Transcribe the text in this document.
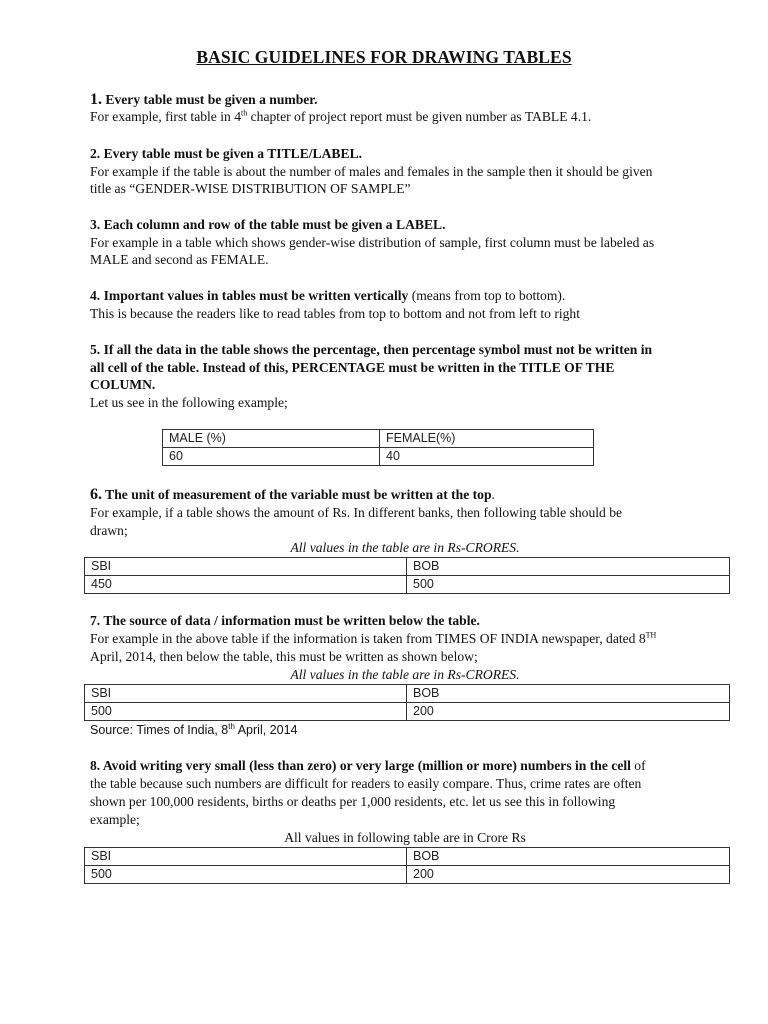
BASIC GUIDELINES FOR DRAWING TABLES
1. Every table must be given a number.
For example, first table in 4th chapter of project report must be given number as TABLE 4.1.
2. Every table must be given a TITLE/LABEL.
For example if the table is about the number of males and females in the sample then it should be given
title as “GENDER-WISE DISTRIBUTION OF SAMPLE”
3. Each column and row of the table must be given a LABEL.
For example in a table which shows gender-wise distribution of sample, first column must be labeled as
MALE and second as FEMALE.
4. Important values in tables must be written vertically (means from top to bottom).
This is because the readers like to read tables from top to bottom and not from left to right
5. If all the data in the table shows the percentage, then percentage symbol must not be written in
all cell of the table. Instead of this, PERCENTAGE must be written in the TITLE OF THE
COLUMN.
Let us see in the following example;
MALE (%)	FEMALE(%)
60	40
6. The unit of measurement of the variable must be written at the top.
For example, if a table shows the amount of Rs. In different banks, then following table should be
drawn;
All values in the table are in Rs-CRORES.
SBI	BOB
450	500
7. The source of data / information must be written below the table.
For example in the above table if the information is taken from TIMES OF INDIA newspaper, dated 8TH
April, 2014, then below the table, this must be written as shown below;
All values in the table are in Rs-CRORES.
SBI	BOB
500	200
Source: Times of India, 8th April, 2014
8. Avoid writing very small (less than zero) or very large (million or more) numbers in the cell of
the table because such numbers are difficult for readers to easily compare. Thus, crime rates are often
shown per 100,000 residents, births or deaths per 1,000 residents, etc. let us see this in following
example;
All values in following table are in Crore Rs
SBI	BOB
500	200
